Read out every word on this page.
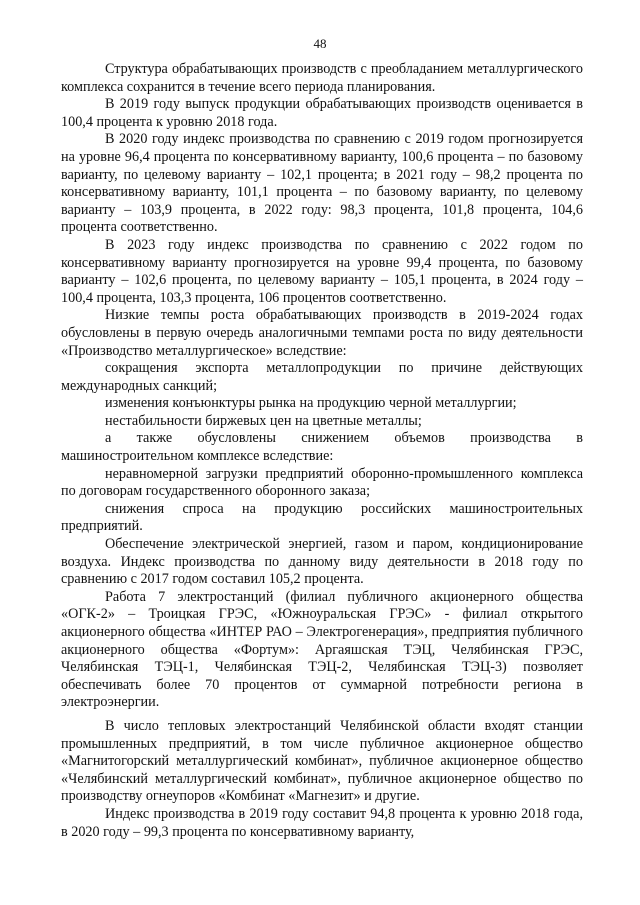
48

Структура обрабатывающих производств с преобладанием металлургического комплекса сохранится в течение всего периода планирования.

В 2019 году выпуск продукции обрабатывающих производств оценивается в 100,4 процента к уровню 2018 года.

В 2020 году индекс производства по сравнению с 2019 годом прогнозируется на уровне 96,4 процента по консервативному варианту, 100,6 процента – по базовому варианту, по целевому варианту – 102,1 процента; в 2021 году – 98,2 процента по консервативному варианту, 101,1 процента – по базовому варианту, по целевому варианту – 103,9 процента, в 2022 году: 98,3 процента, 101,8 процента, 104,6 процента соответственно.

В 2023 году индекс производства по сравнению с 2022 годом по консервативному варианту прогнозируется на уровне 99,4 процента, по базовому варианту – 102,6 процента, по целевому варианту – 105,1 процента, в 2024 году – 100,4 процента, 103,3 процента, 106 процентов соответственно.

Низкие темпы роста обрабатывающих производств в 2019-2024 годах обусловлены в первую очередь аналогичными темпами роста по виду деятельности «Производство металлургическое» вследствие:

сокращения экспорта металлопродукции по причине действующих международных санкций;

изменения конъюнктуры рынка на продукцию черной металлургии;

нестабильности биржевых цен на цветные металлы;

а также обусловлены снижением объемов производства в машиностроительном комплексе вследствие:

неравномерной загрузки предприятий оборонно-промышленного комплекса по договорам государственного оборонного заказа;

снижения спроса на продукцию российских машиностроительных предприятий.

Обеспечение электрической энергией, газом и паром, кондиционирование воздуха. Индекс производства по данному виду деятельности в 2018 году по сравнению с 2017 годом составил 105,2 процента.

Работа 7 электростанций (филиал публичного акционерного общества «ОГК-2» – Троицкая ГРЭС, «Южноуральская ГРЭС» - филиал открытого акционерного общества «ИНТЕР РАО – Электрогенерация», предприятия публичного акционерного общества «Фортум»: Аргаяшская ТЭЦ, Челябинская ГРЭС, Челябинская ТЭЦ-1, Челябинская ТЭЦ-2, Челябинская ТЭЦ-3) позволяет обеспечивать более 70 процентов от суммарной потребности региона в электроэнергии.

В число тепловых электростанций Челябинской области входят станции промышленных предприятий, в том числе публичное акционерное общество «Магнитогорский металлургический комбинат», публичное акционерное общество «Челябинский металлургический комбинат», публичное акционерное общество по производству огнеупоров «Комбинат «Магнезит» и другие.

Индекс производства в 2019 году составит 94,8 процента к уровню 2018 года, в 2020 году – 99,3 процента по консервативному варианту,
